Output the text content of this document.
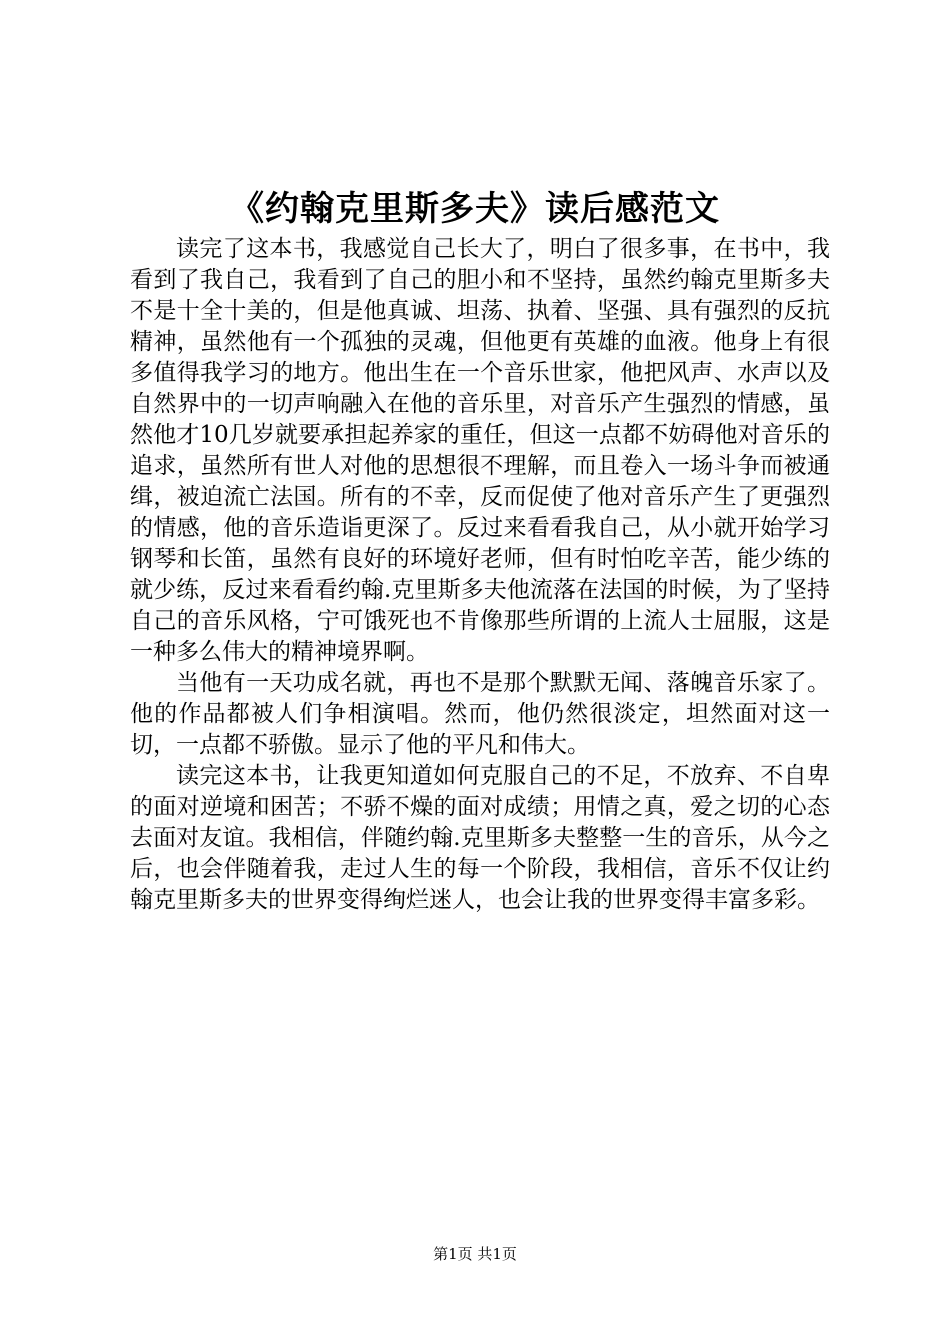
《约翰克里斯多夫》读后感范文

读完了这本书，我感觉自己长大了，明白了很多事，在书中，我看到了我自己，我看到了自己的胆小和不坚持，虽然约翰克里斯多夫不是十全十美的，但是他真诚、坦荡、执着、坚强、具有强烈的反抗精神，虽然他有一个孤独的灵魂，但他更有英雄的血液。他身上有很多值得我学习的地方。他出生在一个音乐世家，他把风声、水声以及自然界中的一切声响融入在他的音乐里，对音乐产生强烈的情感，虽然他才10几岁就要承担起养家的重任，但这一点都不妨碍他对音乐的追求，虽然所有世人对他的思想很不理解，而且卷入一场斗争而被通缉，被迫流亡法国。所有的不幸，反而促使了他对音乐产生了更强烈的情感，他的音乐造诣更深了。反过来看看我自己，从小就开始学习钢琴和长笛，虽然有良好的环境好老师，但有时怕吃辛苦，能少练的就少练，反过来看看约翰.克里斯多夫他流落在法国的时候，为了坚持自己的音乐风格，宁可饿死也不肯像那些所谓的上流人士屈服，这是一种多么伟大的精神境界啊。

当他有一天功成名就，再也不是那个默默无闻、落魄音乐家了。他的作品都被人们争相演唱。然而，他仍然很淡定，坦然面对这一切，一点都不骄傲。显示了他的平凡和伟大。

读完这本书，让我更知道如何克服自己的不足，不放弃、不自卑的面对逆境和困苦；不骄不燥的面对成绩；用情之真，爱之切的心态去面对友谊。我相信，伴随约翰.克里斯多夫整整一生的音乐，从今之后，也会伴随着我，走过人生的每一个阶段，我相信，音乐不仅让约翰克里斯多夫的世界变得绚烂迷人，也会让我的世界变得丰富多彩。

第1页 共1页
